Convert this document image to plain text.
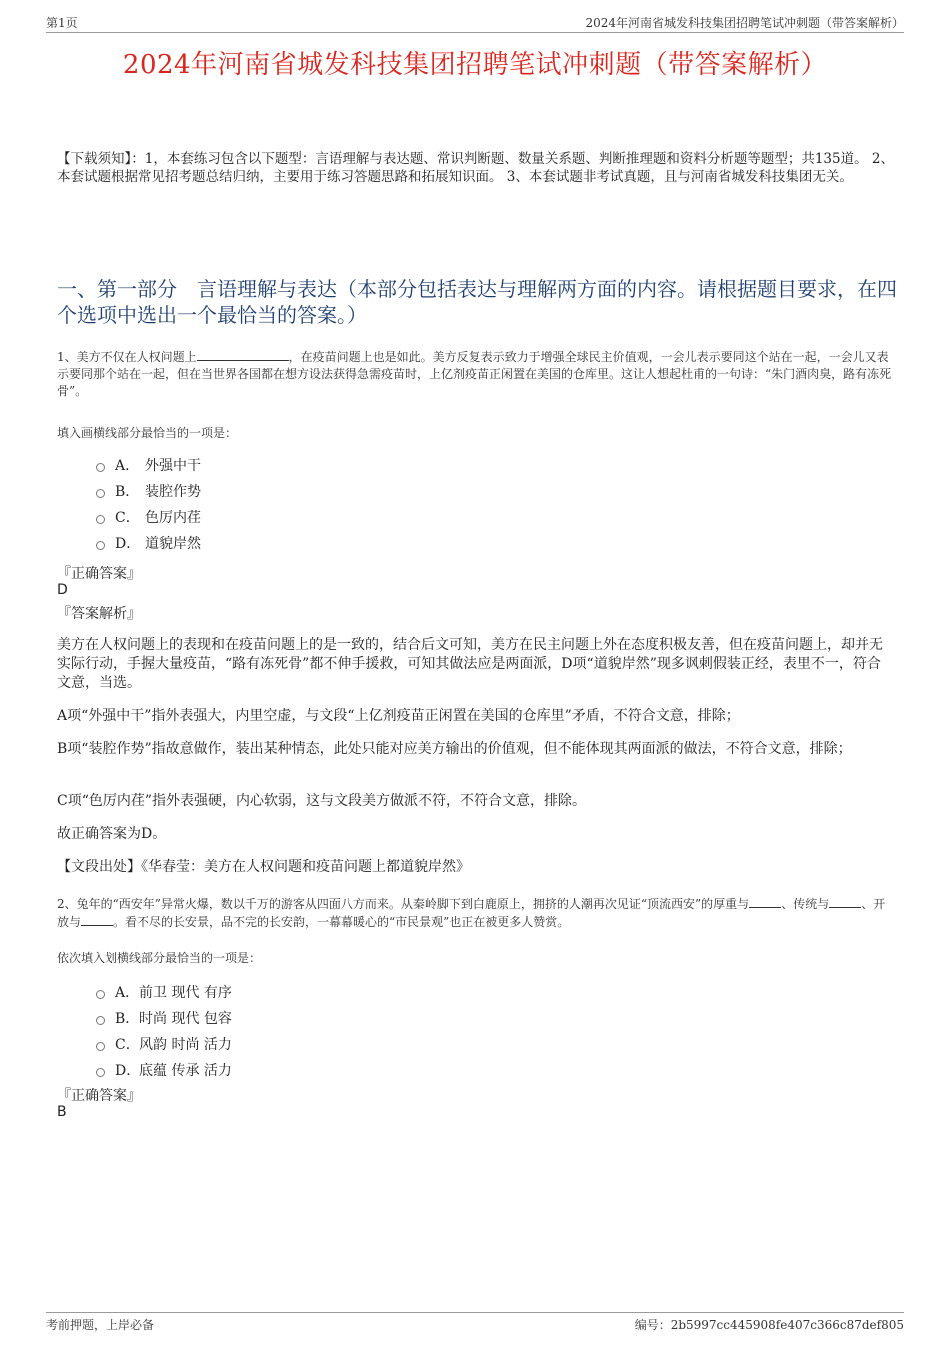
第1页	2024年河南省城发科技集团招聘笔试冲刺题（带答案解析）
2024年河南省城发科技集团招聘笔试冲刺题（带答案解析）
【下载须知】：1，本套练习包含以下题型：言语理解与表达题、常识判断题、数量关系题、判断推理题和资料分析题等题型；共135道。 2、本套试题根据常见招考题总结归纳，主要用于练习答题思路和拓展知识面。 3、本套试题非考试真题，且与河南省城发科技集团无关。
一、第一部分　言语理解与表达（本部分包括表达与理解两方面的内容。请根据题目要求，在四个选项中选出一个最恰当的答案。）
1、美方不仅在人权问题上	，在疫苗问题上也是如此。美方反复表示致力于增强全球民主价值观，一会儿表示要同这个站在一起，一会儿又表示要同那个站在一起，但在当世界各国都在想方设法获得急需疫苗时，上亿剂疫苗正闲置在美国的仓库里。这让人想起杜甫的一句诗：“朱门酒肉臭，路有冻死骨”。
填入画横线部分最恰当的一项是：
A． 外强中干
B． 装腔作势
C． 色厉内荏
D． 道貌岸然
『正确答案』
D
『答案解析』
美方在人权问题上的表现和在疫苗问题上的是一致的，结合后文可知，美方在民主问题上外在态度积极友善，但在疫苗问题上，却并无实际行动，手握大量疫苗，“路有冻死骨”都不伸手援救，可知其做法应是两面派，D项“道貌岸然”现多讽刺假装正经，表里不一，符合文意，当选。
A项“外强中干”指外表强大，内里空虚，与文段“上亿剂疫苗正闲置在美国的仓库里”矛盾，不符合文意，排除；
B项“装腔作势”指故意做作，装出某种情态，此处只能对应美方输出的价值观，但不能体现其两面派的做法，不符合文意，排除；
C项“色厉内荏”指外表强硬，内心软弱，这与文段美方做派不符，不符合文意，排除。
故正确答案为D。
【文段出处】《华春莹：美方在人权问题和疫苗问题上都道貌岸然》
2、兔年的“西安年”异常火爆，数以千万的游客从四面八方而来。从秦岭脚下到白鹿原上，拥挤的人潮再次见证“顶流西安”的厚重与	、传统与	、开放与	。看不尽的长安景，品不完的长安韵，一幕幕暖心的“市民景观”也正在被更多人赞赏。
依次填入划横线部分最恰当的一项是：
A． 前卫 现代 有序
B． 时尚 现代 包容
C． 风韵 时尚 活力
D．
底蕴 传承 活力
『正确答案』
B
考前押题，上岸必备	编号：2b5997cc445908fe407c366c87def805
